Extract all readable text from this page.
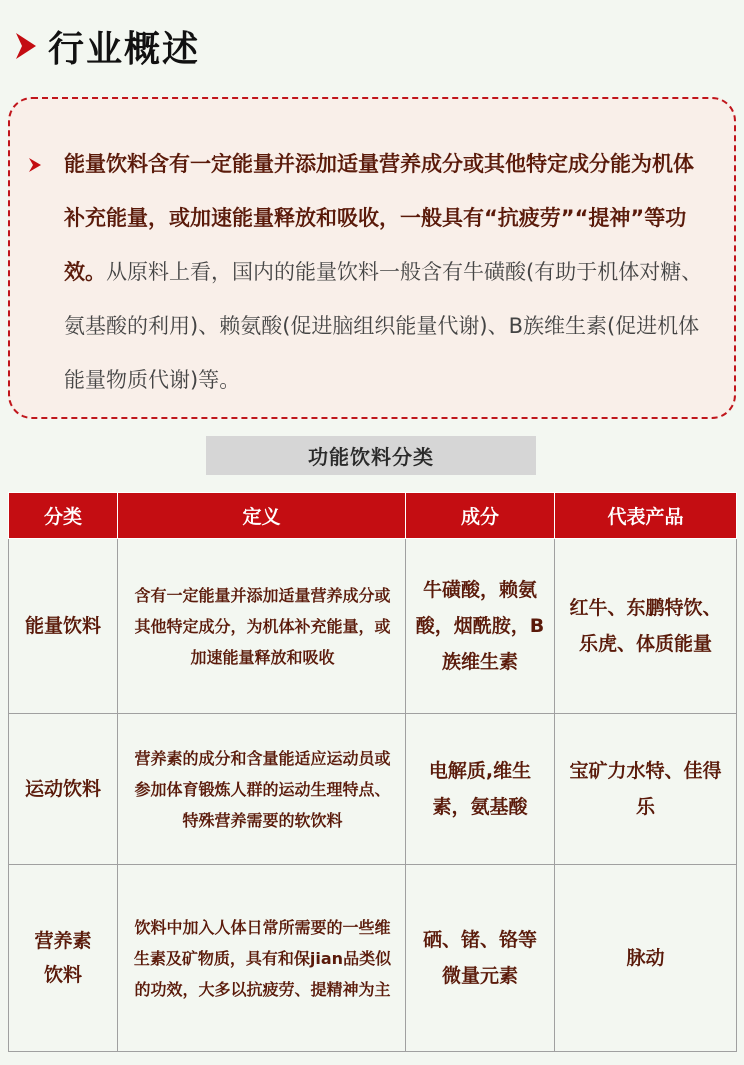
行业概述

能量饮料含有一定能量并添加适量营养成分或其他特定成分能为机体补充能量，或加速能量释放和吸收，一般具有“抗疲劳”“提神”等功效。从原料上看，国内的能量饮料一般含有牛磺酸(有助于机体对糖、氨基酸的利用)、赖氨酸(促进脑组织能量代谢)、B族维生素(促进机体能量物质代谢)等。

功能饮料分类
分类	定义	成分	代表产品
能量饮料	含有一定能量并添加适量营养成分或其他特定成分，为机体补充能量，或加速能量释放和吸收	牛磺酸，赖氨酸，烟酰胺，B 族维生素	红牛、东鹏特饮、乐虎、体质能量
运动饮料	营养素的成分和含量能适应运动员或参加体育锻炼人群的运动生理特点、特殊营养需要的软饮料	电解质,维生素，氨基酸	宝矿力水特、佳得乐
营养素饮料	饮料中加入人体日常所需要的一些维生素及矿物质，具有和保jian品类似的功效，大多以抗疲劳、提精神为主	硒、锗、铬等微量元素	脉动
